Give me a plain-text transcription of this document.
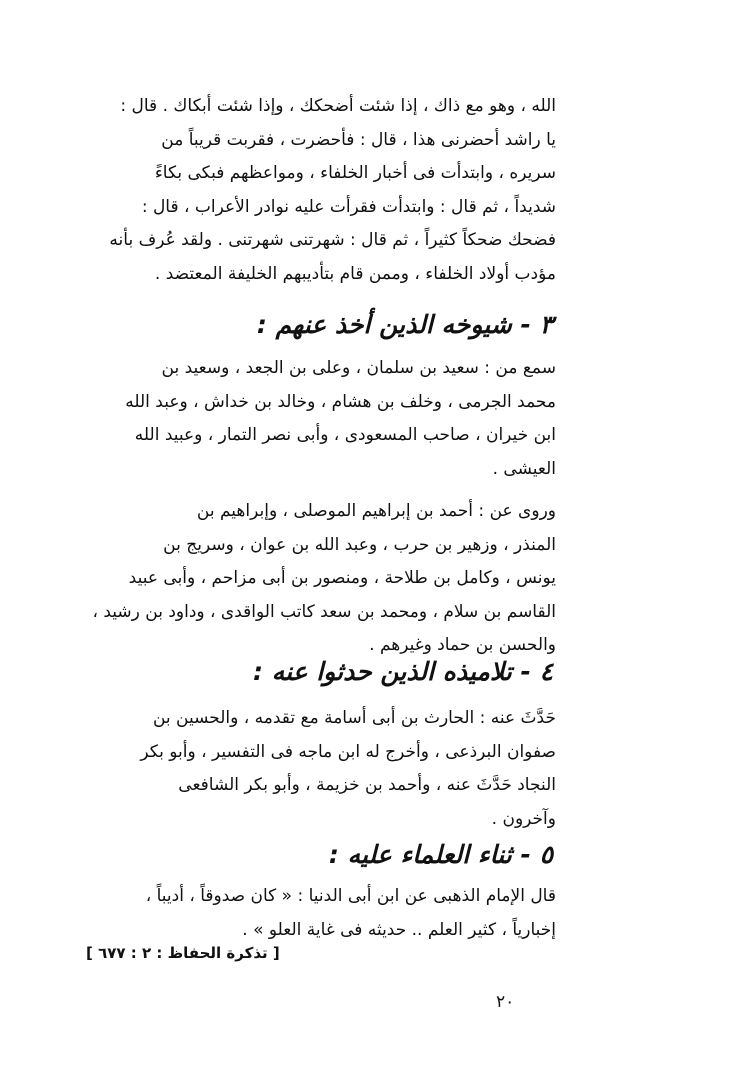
الله ، وهو مع ذاك ، إذا شئت أضحكك ، وإذا شئت أبكاك . قال :
يا راشد أحضرنى هذا ، قال : فأحضرت ، فقربت قريباً من
سريره ، وابتدأت فى أخبار الخلفاء ، ومواعظهم فبكى بكاءً
شديداً ، ثم قال : وابتدأت فقرأت عليه نوادر الأعراب ، قال :
فضحك ضحكاً كثيراً ، ثم قال : شهرتنى شهرتنى . ولقد عُرف بأنه
مؤدب أولاد الخلفاء ، وممن قام بتأديبهم الخليفة المعتضد .
٣ - شيوخه الذين أخذ عنهم :
سمع من : سعيد بن سلمان ، وعلى بن الجعد ، وسعيد بن
محمد الجرمى ، وخلف بن هشام ، وخالد بن خداش ، وعبد الله
ابن خيران ، صاحب المسعودى ، وأبى نصر التمار ، وعبيد الله
العيشى .
وروى عن : أحمد بن إبراهيم الموصلى ، وإبراهيم بن
المنذر ، وزهير بن حرب ، وعبد الله بن عوان ، وسريج بن
يونس ، وكامل بن طلاحة ، ومنصور بن أبى مزاحم ، وأبى عبيد
القاسم بن سلام ، ومحمد بن سعد كاتب الواقدى ، وداود بن رشيد ،
والحسن بن حماد وغيرهم .
٤ - تلاميذه الذين حدثوا عنه :
حَدَّثَ عنه : الحارث بن أبى أسامة مع تقدمه ، والحسين بن
صفوان البرذعى ، وأخرج له ابن ماجه فى التفسير ، وأبو بكر
النجاد حَدَّثَ عنه ، وأحمد بن خزيمة ، وأبو بكر الشافعى
وآخرون .
٥ - ثناء العلماء عليه :
قال الإمام الذهبى عن ابن أبى الدنيا : « كان صدوقاً ، أديباً ،
إخبارياً ، كثير العلم .. حديثه فى غاية العلو » .
[ تذكرة الحفاظ : ٢ : ٦٧٧ ]
٢٠
